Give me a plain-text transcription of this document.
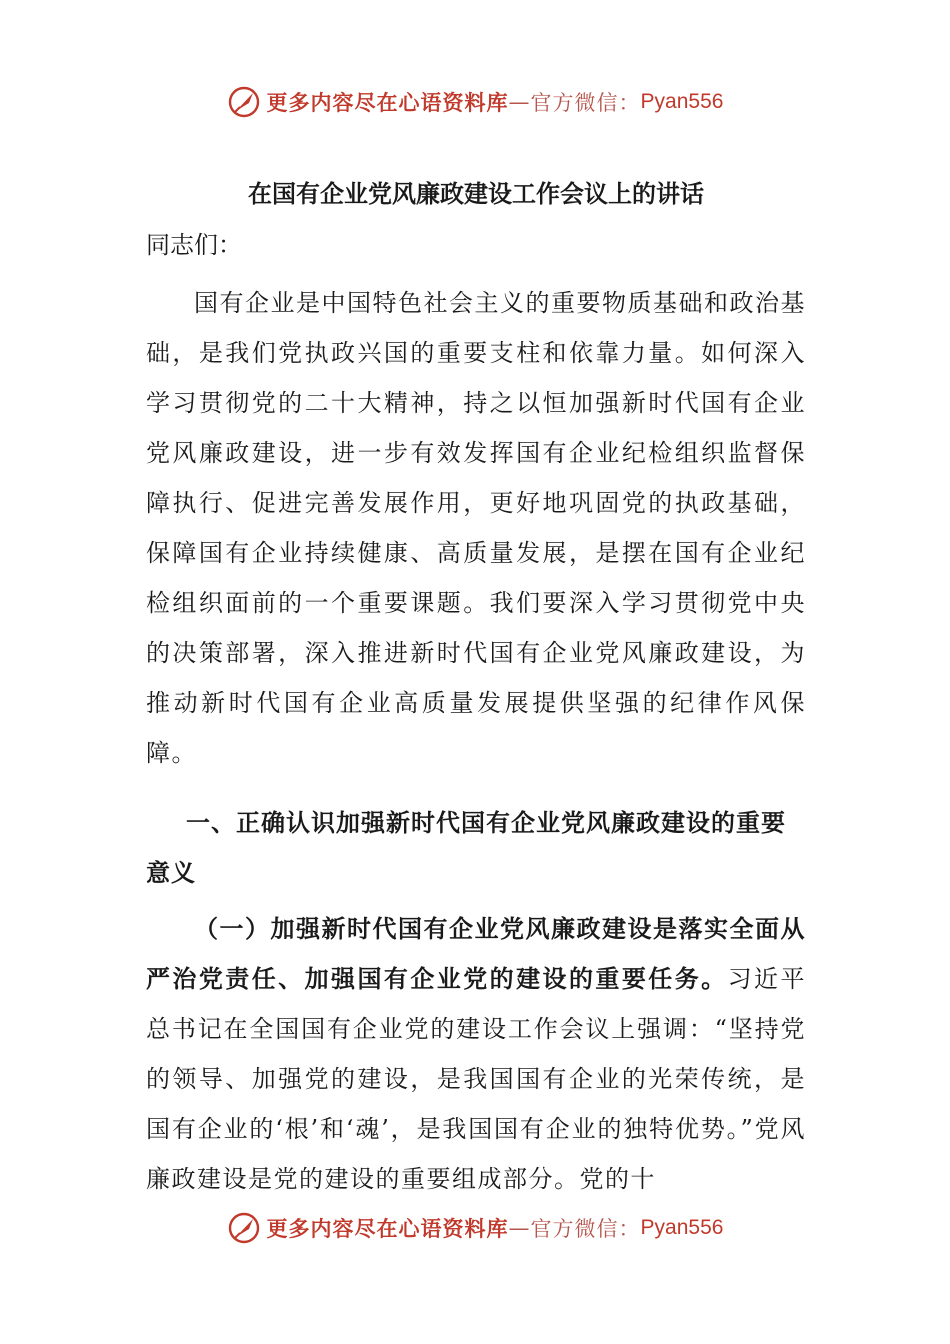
更多内容尽在心语资料库 — 官方微信： Pyan556
在国有企业党风廉政建设工作会议上的讲话

同志们：

国有企业是中国特色社会主义的重要物质基础和政治基础，是我们党执政兴国的重要支柱和依靠力量。如何深入学习贯彻党的二十大精神，持之以恒加强新时代国有企业党风廉政建设，进一步有效发挥国有企业纪检组织监督保障执行、促进完善发展作用，更好地巩固党的执政基础，保障国有企业持续健康、高质量发展，是摆在国有企业纪检组织面前的一个重要课题。我们要深入学习贯彻党中央的决策部署，深入推进新时代国有企业党风廉政建设，为推动新时代国有企业高质量发展提供坚强的纪律作风保障。

一、正确认识加强新时代国有企业党风廉政建设的重要意义

（一）加强新时代国有企业党风廉政建设是落实全面从严治党责任、加强国有企业党的建设的重要任务。习近平总书记在全国国有企业党的建设工作会议上强调：“坚持党的领导、加强党的建设，是我国国有企业的光荣传统，是国有企业的‘根’和‘魂’，是我国国有企业的独特优势。”党风廉政建设是党的建设的重要组成部分。党的十

更多内容尽在心语资料库 — 官方微信： Pyan556
